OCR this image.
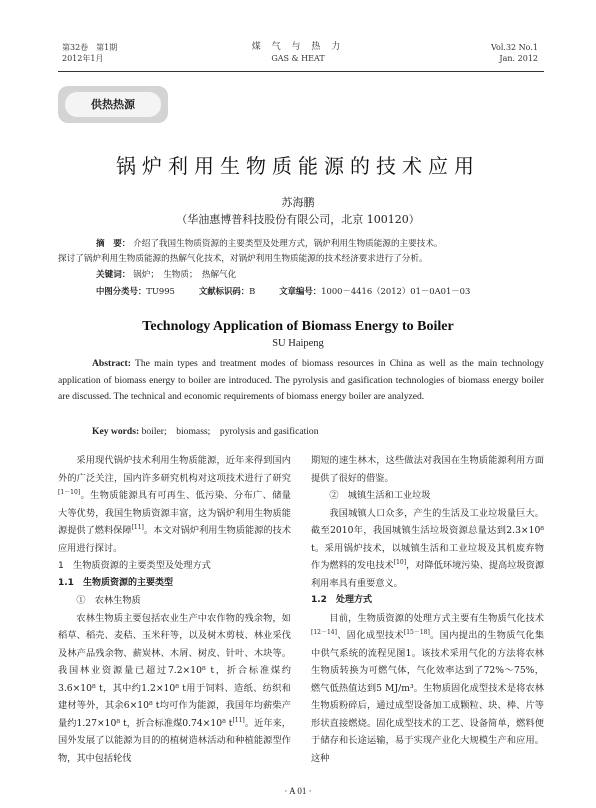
第32卷　第1期
2012年1月
煤 气 与 热 力
GAS & HEAT
Vol.32 No.1
Jan. 2012
供热热源
锅炉利用生物质能源的技术应用
苏海鹏
（华油惠博普科技股份有限公司，北京 100120）
摘　要： 介绍了我国生物质资源的主要类型及处理方式，锅炉利用生物质能源的主要技术。
探讨了锅炉利用生物质能源的热解气化技术，对锅炉利用生物质能源的技术经济要求进行了分析。
关键词： 锅炉；　生物质；　热解气化
中图分类号：TU995	文献标识码：B	文章编号：1000－4416（2012）01－0A01－03
Technology Application of Biomass Energy to Boiler
SU Haipeng
Abstract: The main types and treatment modes of biomass resources in China as well as the main technology application of biomass energy to boiler are introduced. The pyrolysis and gasification technologies of biomass energy boiler are discussed. The technical and economic requirements of biomass energy boiler are analyzed.
Key words: boiler;　biomass;　pyrolysis and gasification

采用现代锅炉技术利用生物质能源，近年来得到国内外的广泛关注，国内许多研究机构对这项技术进行了研究[1－10]。生物质能源具有可再生、低污染、分布广、储量大等优势，我国生物质资源丰富，这为锅炉利用生物质能源提供了燃料保障[11]。本文对锅炉利用生物质能源的技术应用进行探讨。

1　生物质资源的主要类型及处理方式

1.1　生物质资源的主要类型

①　农林生物质

农林生物质主要包括农业生产中农作物的残余物，如稻草、稻壳、麦秸、玉米秆等，以及树木剪枝、林业采伐及林产品残余物、薪炭林、木屑、树皮、针叶、木块等。我国林业资源量已超过7.2×10⁸ t，折合标准煤约3.6×10⁸ t，其中约1.2×10⁸ t用于饲料、造纸、纺织和建材等外，其余6×10⁸ t均可作为能源，我国年均薪柴产量约1.27×10⁸ t，折合标准煤0.74×10⁸ t[11]。近年来，国外发展了以能源为目的的植树造林活动和种植能源型作物，其中包括轮伐

期短的速生林木，这些做法对我国在生物质能源利用方面提供了很好的借鉴。

②　城镇生活和工业垃圾

我国城镇人口众多，产生的生活及工业垃圾量巨大。截至2010年，我国城镇生活垃圾资源总量达到2.3×10⁸ t。采用锅炉技术，以城镇生活和工业垃圾及其机废弃物作为燃料的发电技术[10]，对降低环境污染、提高垃圾资源利用率具有重要意义。

1.2　处理方式

目前，生物质资源的处理方式主要有生物质气化技术[12－14]、固化成型技术[15－18]。国内提出的生物质气化集中供气系统的流程见图1。该技术采用气化的方法将农林生物质转换为可燃气体，气化效率达到了72%～75%，燃气低热值达到5 MJ/m³。生物质固化成型技术是将农林生物质粉碎后，通过成型设备加工成颗粒、块、棒、片等形状直接燃烧。固化成型技术的工艺、设备简单，燃料便于储存和长途运输，易于实现产业化大规模生产和应用。这种

· A 01 ·
